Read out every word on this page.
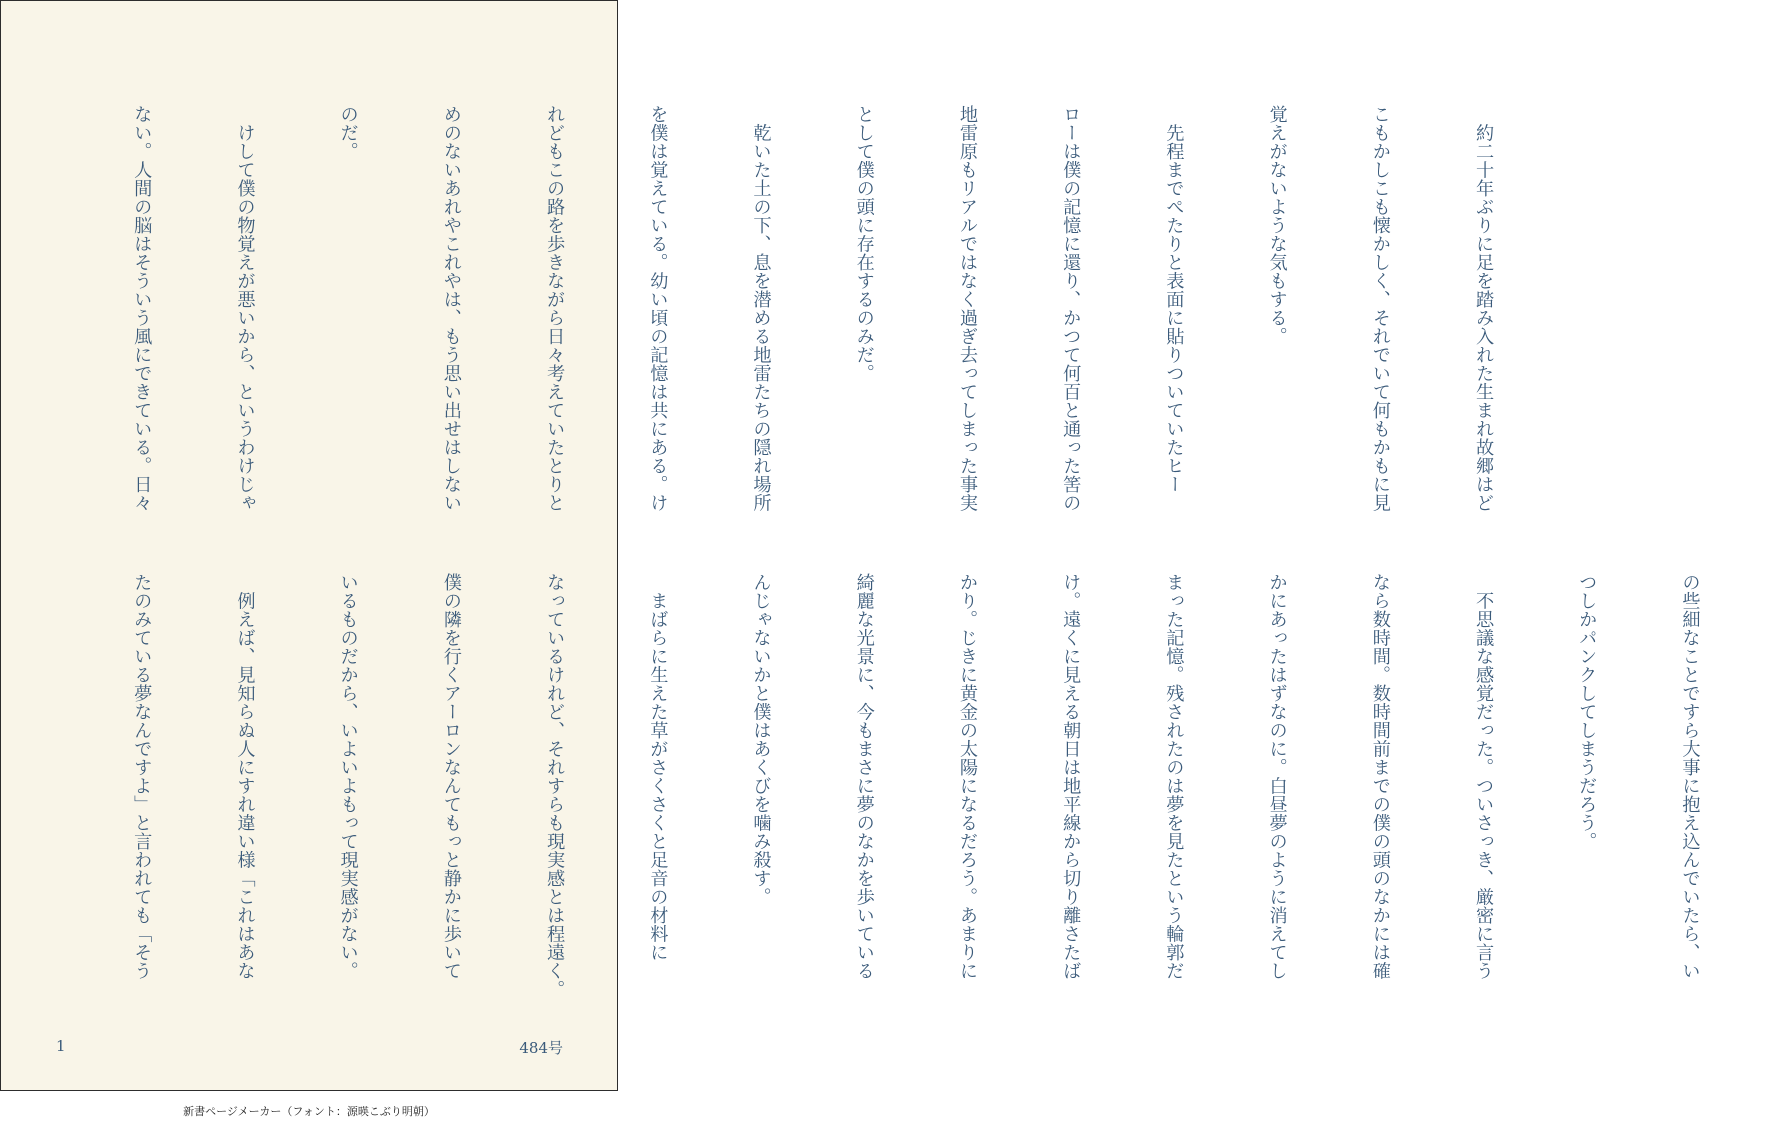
　約二十年ぶりに足を踏み入れた生まれ故郷はど

こもかしこも懐かしく、それでいて何もかもに見

覚えがないような気もする。

　先程までぺたりと表面に貼りついていたヒー

ローは僕の記憶に還り、かつて何百と通った筈の

地雷原もリアルではなく過ぎ去ってしまった事実

として僕の頭に存在するのみだ。

　乾いた土の下、息を潜める地雷たちの隠れ場所

を僕は覚えている。幼い頃の記憶は共にある。け

れどもこの路を歩きながら日々考えていたとりと

めのないあれやこれやは、もう思い出せはしない

のだ。

　けして僕の物覚えが悪いから、というわけじゃ

ない。人間の脳はそういう風にできている。日々

の些細なことですら大事に抱え込んでいたら、い

つしかパンクしてしまうだろう。

　不思議な感覚だった。ついさっき、厳密に言う

なら数時間。数時間前までの僕の頭のなかには確

かにあったはずなのに。白昼夢のように消えてし

まった記憶。残されたのは夢を見たという輪郭だ

け。遠くに見える朝日は地平線から切り離さたば

かり。じきに黄金の太陽になるだろう。あまりに

綺麗な光景に、今もまさに夢のなかを歩いている

んじゃないかと僕はあくびを噛み殺す。

　まばらに生えた草がさくさくと足音の材料に

なっているけれど、それすらも現実感とは程遠く。

僕の隣を行くアーロンなんてもっと静かに歩いて

いるものだから、いよいよもって現実感がない。

　例えば、見知らぬ人にすれ違い様「これはあな

たのみている夢なんですよ」と言われても「そう

1	484号
新書ページメーカー（フォント：源暎こぶり明朝）
